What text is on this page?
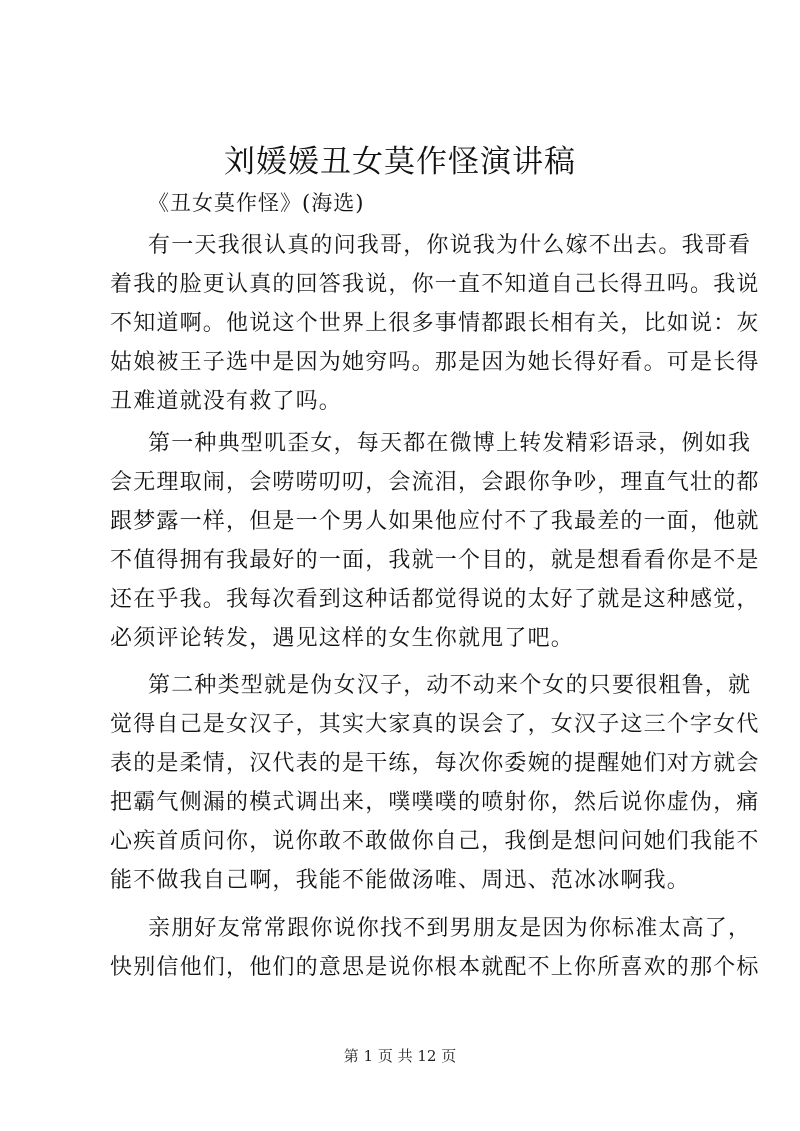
刘媛媛丑女莫作怪演讲稿
《丑女莫作怪》(海选)
有一天我很认真的问我哥，你说我为什么嫁不出去。我哥看
着我的脸更认真的回答我说，你一直不知道自己长得丑吗。我说
不知道啊。他说这个世界上很多事情都跟长相有关，比如说：灰
姑娘被王子选中是因为她穷吗。那是因为她长得好看。可是长得
丑难道就没有救了吗。
第一种典型叽歪女，每天都在微博上转发精彩语录，例如我
会无理取闹，会唠唠叨叨，会流泪，会跟你争吵，理直气壮的都
跟梦露一样，但是一个男人如果他应付不了我最差的一面，他就
不值得拥有我最好的一面，我就一个目的，就是想看看你是不是
还在乎我。我每次看到这种话都觉得说的太好了就是这种感觉，
必须评论转发，遇见这样的女生你就甩了吧。
第二种类型就是伪女汉子，动不动来个女的只要很粗鲁，就
觉得自己是女汉子，其实大家真的误会了，女汉子这三个字女代
表的是柔情，汉代表的是干练，每次你委婉的提醒她们对方就会
把霸气侧漏的模式调出来，噗噗噗的喷射你，然后说你虚伪，痛
心疾首质问你，说你敢不敢做你自己，我倒是想问问她们我能不
能不做我自己啊，我能不能做汤唯、周迅、范冰冰啊我。
亲朋好友常常跟你说你找不到男朋友是因为你标准太高了，
快别信他们，他们的意思是说你根本就配不上你所喜欢的那个标
第 1 页 共 12 页
